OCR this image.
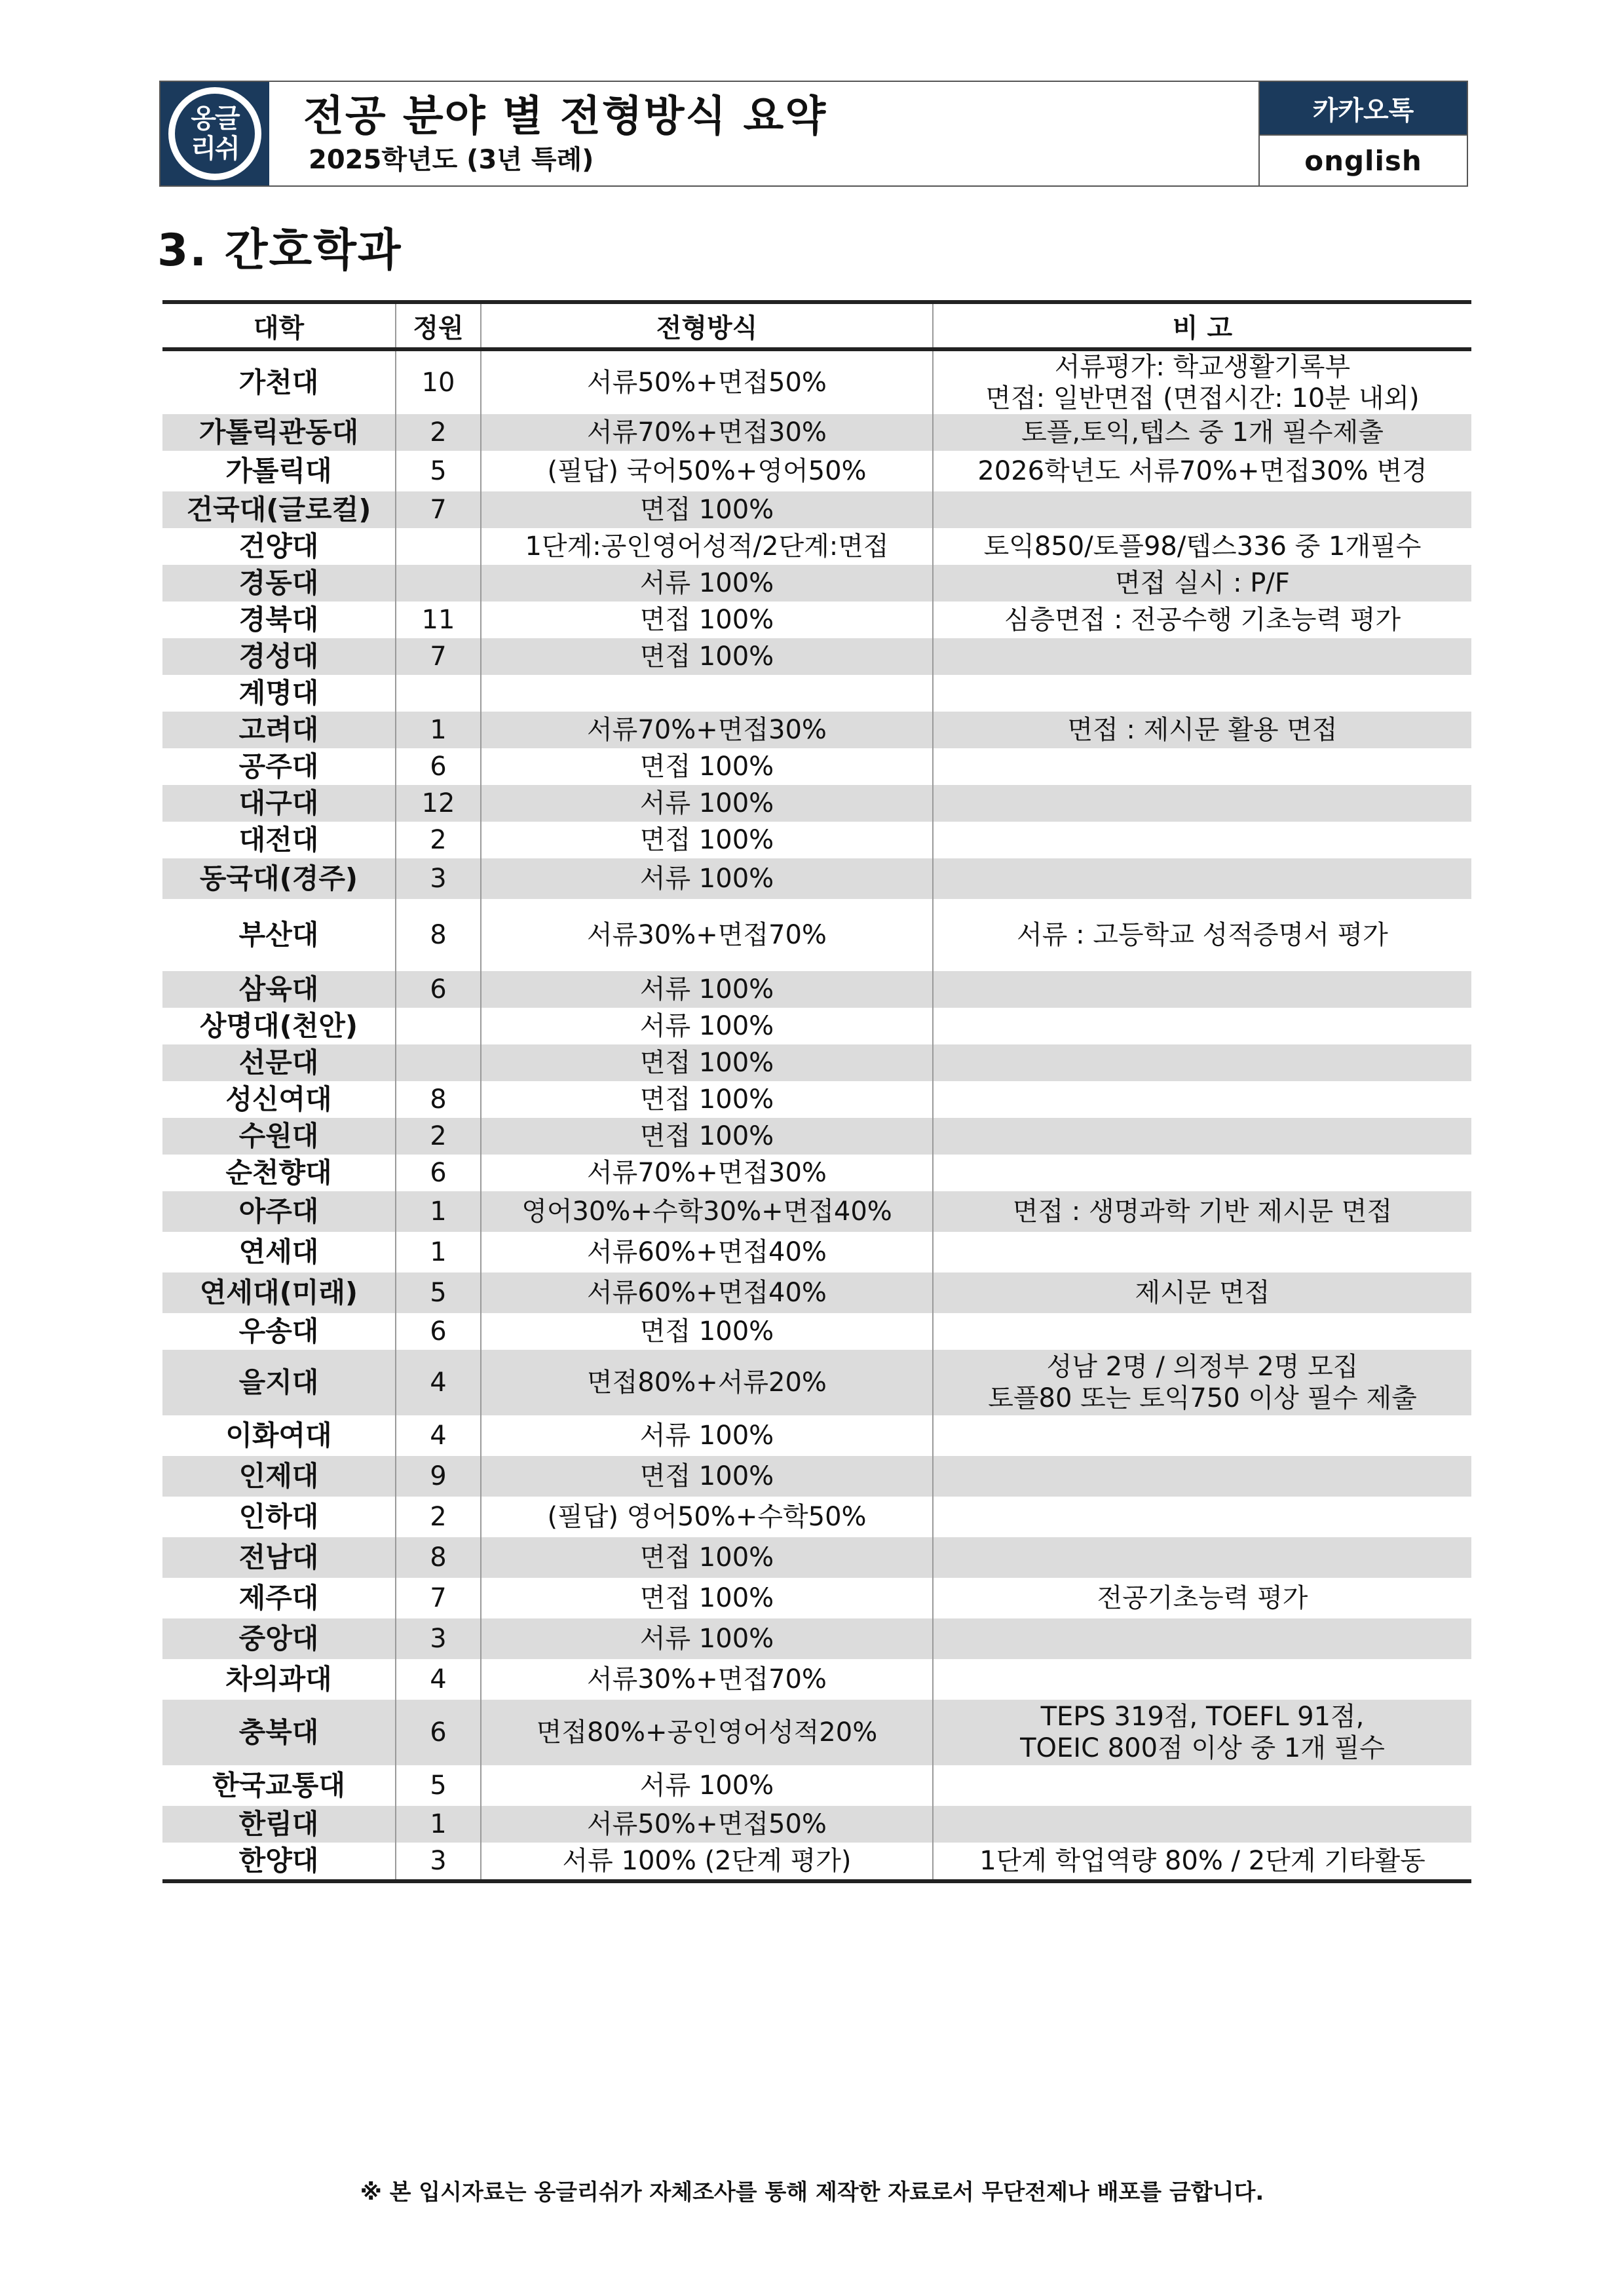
옹글
리쉬
전공 분야 별 전형방식 요약
2025학년도 (3년 특례)
카카오톡
onglish
3. 간호학과
대학	정원	전형방식	비 고
가천대	10	서류50%+면접50%	서류평가: 학교생활기록부
면접: 일반면접 (면접시간: 10분 내외)

가톨릭관동대	2	서류70%+면접30%	토플,토익,텝스 중 1개 필수제출
가톨릭대	5	(필답) 국어50%+영어50%	2026학년도 서류70%+면접30% 변경
건국대(글로컬)	7	면접 100%	
건양대		1단계:공인영어성적/2단계:면접	토익850/토플98/텝스336 중 1개필수
경동대		서류 100%	면접 실시 : P/F
경북대	11	면접 100%	심층면접 : 전공수행 기초능력 평가
경성대	7	면접 100%	
계명대			
고려대	1	서류70%+면접30%	면접 : 제시문 활용 면접
공주대	6	면접 100%	
대구대	12	서류 100%	
대전대	2	면접 100%	
동국대(경주)	3	서류 100%	
부산대	8	서류30%+면접70%	서류 : 고등학교 성적증명서 평가
삼육대	6	서류 100%	
상명대(천안)		서류 100%	
선문대		면접 100%	
성신여대	8	면접 100%	
수원대	2	면접 100%	
순천향대	6	서류70%+면접30%	
아주대	1	영어30%+수학30%+면접40%	면접 : 생명과학 기반 제시문 면접
연세대	1	서류60%+면접40%	
연세대(미래)	5	서류60%+면접40%	제시문 면접
우송대	6	면접 100%	
을지대	4	면접80%+서류20%	성남 2명 / 의정부 2명 모집
토플80 또는 토익750 이상 필수 제출

이화여대	4	서류 100%	
인제대	9	면접 100%	
인하대	2	(필답) 영어50%+수학50%	
전남대	8	면접 100%	
제주대	7	면접 100%	전공기초능력 평가
중앙대	3	서류 100%	
차의과대	4	서류30%+면접70%	
충북대	6	면접80%+공인영어성적20%	TEPS 319점, TOEFL 91점,
TOEIC 800점 이상 중 1개 필수

한국교통대	5	서류 100%	
한림대	1	서류50%+면접50%	
한양대	3	서류 100% (2단계 평가)	1단계 학업역량 80% / 2단계 기타활동
※ 본 입시자료는 옹글리쉬가 자체조사를 통해 제작한 자료로서 무단전제나 배포를 금합니다.
